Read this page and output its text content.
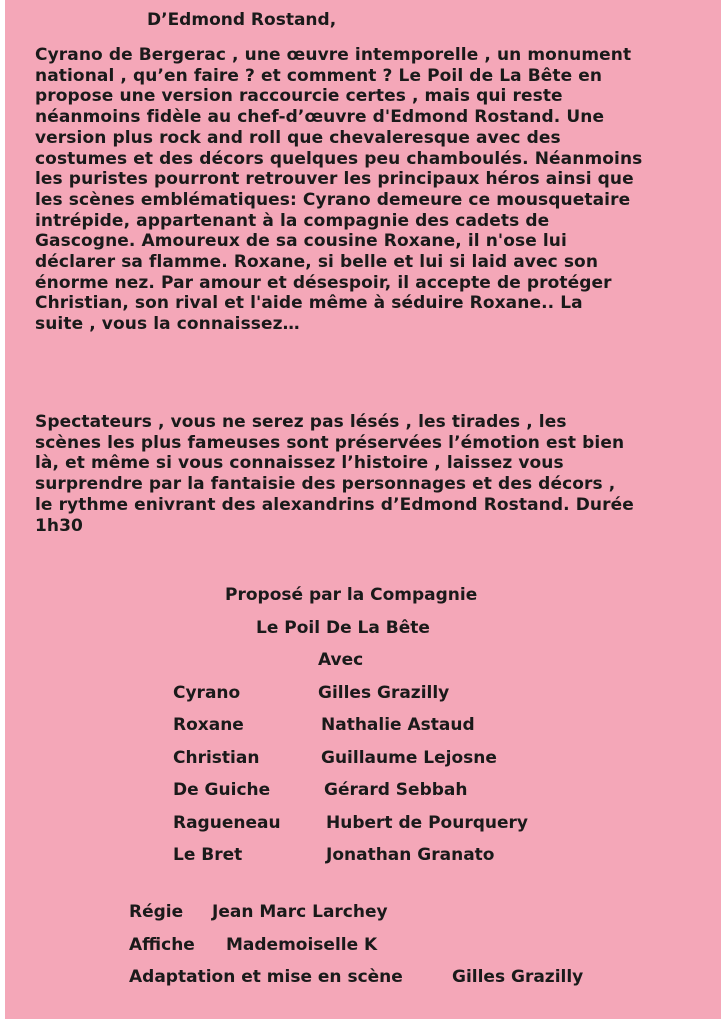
D’Edmond Rostand,

Cyrano de Bergerac , une œuvre intemporelle , un monument
national , qu’en faire ? et comment ? Le Poil de La Bête en
propose une version raccourcie certes , mais qui reste
néanmoins fidèle au chef-d’œuvre d'Edmond Rostand. Une
version plus rock and roll que chevaleresque avec des
costumes et des décors quelques peu chamboulés. Néanmoins
les puristes pourront retrouver les principaux héros ainsi que
les scènes emblématiques: Cyrano demeure ce mousquetaire
intrépide, appartenant à la compagnie des cadets de
Gascogne. Amoureux de sa cousine Roxane, il n'ose lui
déclarer sa flamme. Roxane, si belle et lui si laid avec son
énorme nez. Par amour et désespoir, il accepte de protéger
Christian, son rival et l'aide même à séduire Roxane.. La
suite , vous la connaissez…

Spectateurs , vous ne serez pas lésés , les tirades , les
scènes les plus fameuses sont préservées l’émotion est bien
là, et même si vous connaissez l’histoire , laissez vous
surprendre par la fantaisie des personnages et des décors ,
le rythme enivrant des alexandrins d’Edmond Rostand. Durée
1h30

Proposé par la Compagnie

Le Poil De La Bête

Avec

Cyrano	Gilles Grazilly
Roxane	Nathalie Astaud
Christian	Guillaume Lejosne
De Guiche	Gérard Sebbah
Ragueneau	Hubert de Pourquery
Le Bret	Jonathan Granato
Régie Jean Marc Larchey
Affiche Mademoiselle K
Adaptation et mise en scène	Gilles Grazilly
